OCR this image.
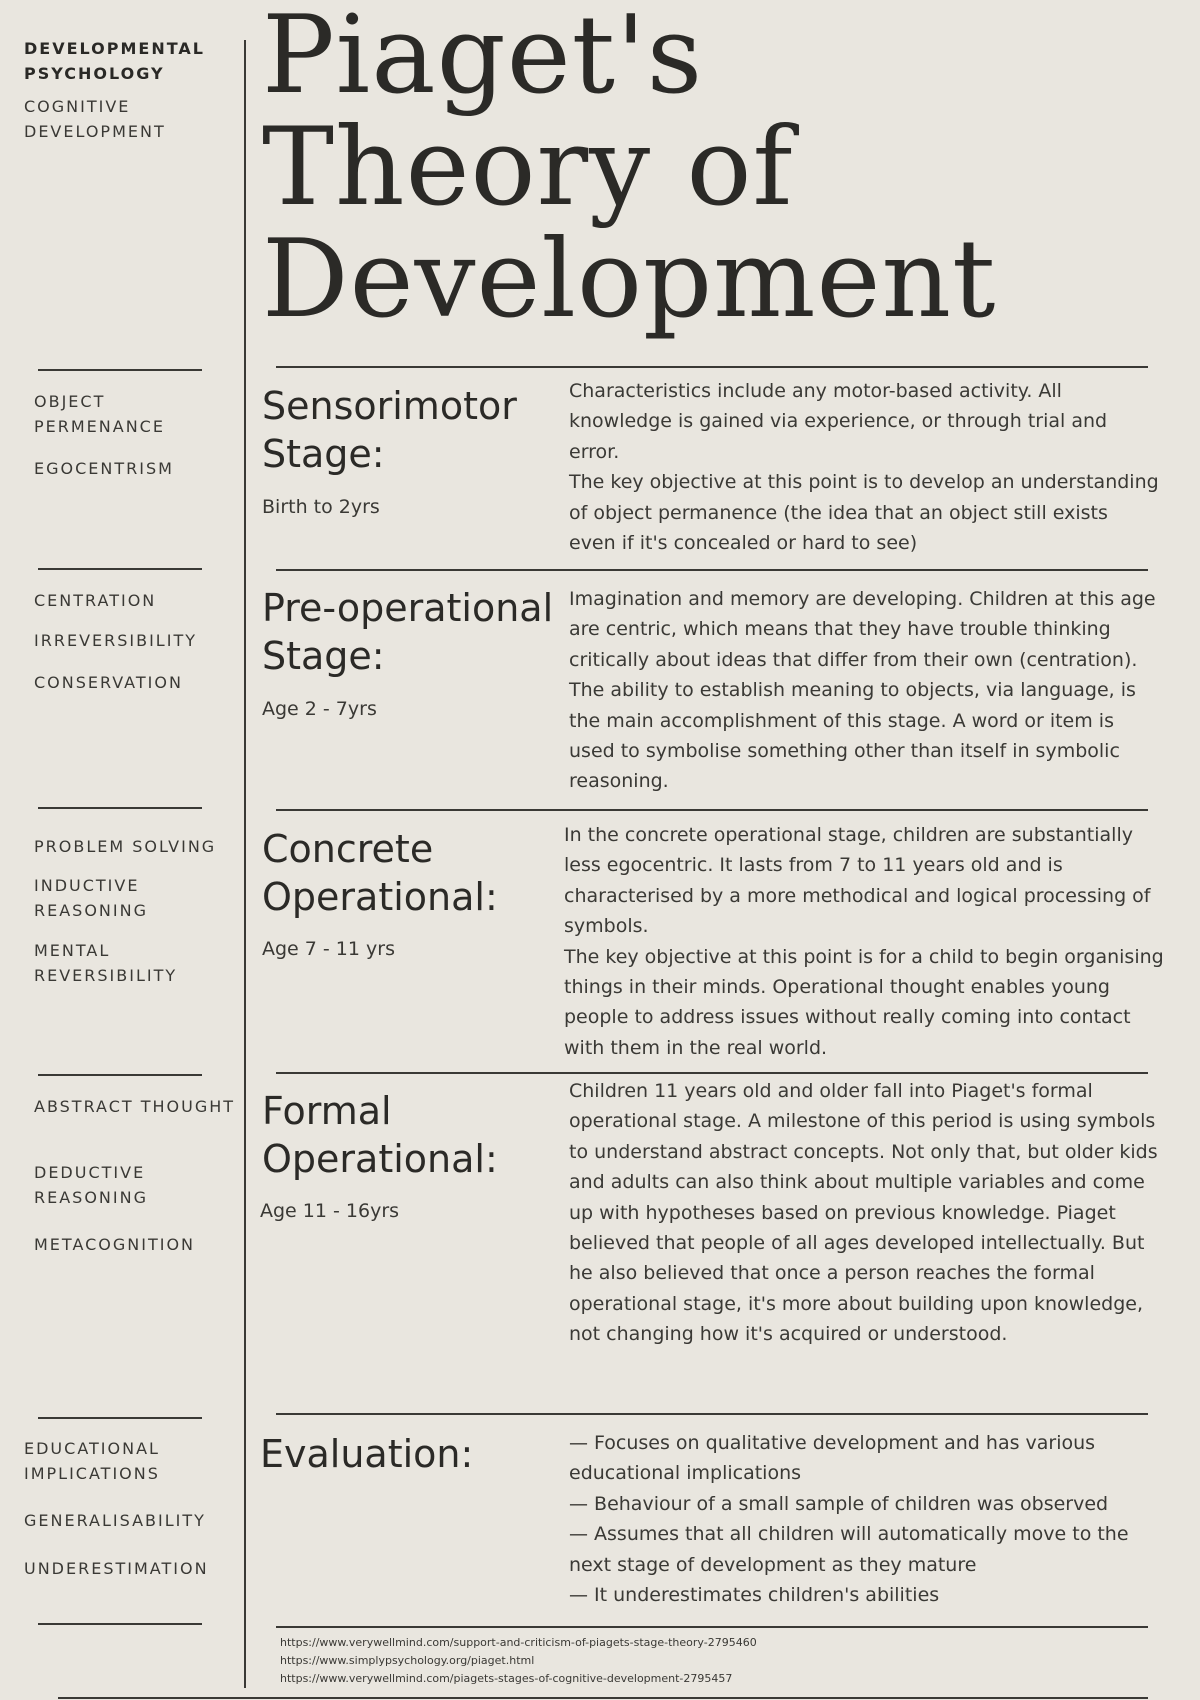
DEVELOPMENTAL
PSYCHOLOGY
COGNITIVE
DEVELOPMENT
Piaget's
Theory of
Development
OBJECT
PERMENANCE
EGOCENTRISM
Sensorimotor
Stage:
Birth to 2yrs
Characteristics include any motor-based activity. All knowledge is gained via experience, or through trial and error.
The key objective at this point is to develop an understanding of object permanence (the idea that an object still exists even if it's concealed or hard to see)
CENTRATION
IRREVERSIBILITY
CONSERVATION
Pre-operational
Stage:
Age 2 - 7yrs
Imagination and memory are developing. Children at this age are centric, which means that they have trouble thinking critically about ideas that differ from their own (centration). The ability to establish meaning to objects, via language, is the main accomplishment of this stage. A word or item is used to symbolise something other than itself in symbolic reasoning.
PROBLEM SOLVING
INDUCTIVE
REASONING
MENTAL
REVERSIBILITY
Concrete
Operational:
Age 7 - 11 yrs
In the concrete operational stage, children are substantially less egocentric. It lasts from 7 to 11 years old and is characterised by a more methodical and logical processing of symbols.
The key objective at this point is for a child to begin organising things in their minds. Operational thought enables young people to address issues without really coming into contact with them in the real world.
ABSTRACT THOUGHT
DEDUCTIVE
REASONING
METACOGNITION
Formal
Operational:
Age 11 - 16yrs
Children 11 years old and older fall into Piaget's formal operational stage. A milestone of this period is using symbols to understand abstract concepts. Not only that, but older kids and adults can also think about multiple variables and come up with hypotheses based on previous knowledge. Piaget believed that people of all ages developed intellectually. But he also believed that once a person reaches the formal operational stage, it's more about building upon knowledge, not changing how it's acquired or understood.
EDUCATIONAL
IMPLICATIONS
GENERALISABILITY
UNDERESTIMATION
Evaluation:	— Focuses on qualitative development and has various educational implications
— Behaviour of a small sample of children was observed
— Assumes that all children will automatically move to the next stage of development as they mature
— It underestimates children's abilities
https://www.verywellmind.com/support-and-criticism-of-piagets-stage-theory-2795460
https://www.simplypsychology.org/piaget.html
https://www.verywellmind.com/piagets-stages-of-cognitive-development-2795457
